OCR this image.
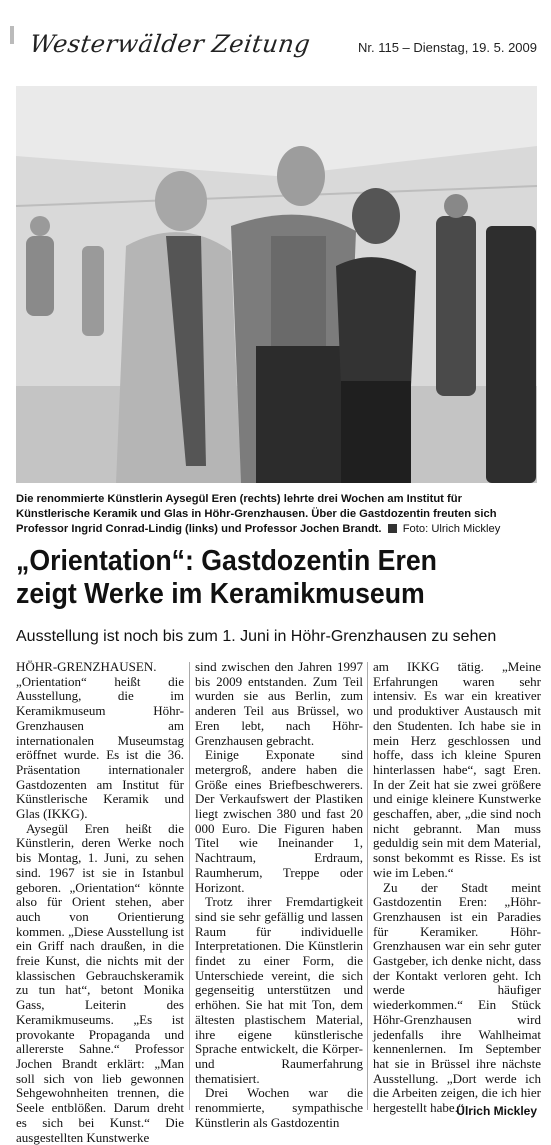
Westerwälder Zeitung	Nr. 115 – Dienstag, 19. 5. 2009
Die renommierte Künstlerin Aysegül Eren (rechts) lehrte drei Wochen am Institut für Künstlerische Keramik und Glas in Höhr-Grenzhausen. Über die Gastdozentin freuten sich Professor Ingrid Conrad-Lindig (links) und Professor Jochen Brandt. Foto: Ulrich Mickley
„Orientation“: Gastdozentin Eren zeigt Werke im Keramikmuseum
Ausstellung ist noch bis zum 1. Juni in Höhr-Grenzhausen zu sehen

HÖHR-GRENZHAUSEN.

„Orientation“ heißt die Ausstellung, die im Keramikmuseum Höhr-Grenzhausen am internationalen Museumstag eröffnet wurde. Es ist die 36. Präsentation internationaler Gastdozenten am Institut für Künstlerische Keramik und Glas (IKKG).

Aysegül Eren heißt die Künstlerin, deren Werke noch bis Montag, 1. Juni, zu sehen sind. 1967 ist sie in Istanbul geboren. „Orientation“ könnte also für Orient stehen, aber auch von Orientierung kommen. „Diese Ausstellung ist ein Griff nach draußen, in die freie Kunst, die nichts mit der klassischen Gebrauchskeramik zu tun hat“, betont Monika Gass, Leiterin des Keramikmuseums. „Es ist provokante Propaganda und allererste Sahne.“ Professor Jochen Brandt erklärt: „Man soll sich von lieb gewonnen Sehgewohnheiten trennen, die Seele entblößen. Darum dreht es sich bei Kunst.“ Die ausgestellten Kunstwerke

sind zwischen den Jahren 1997 bis 2009 entstanden. Zum Teil wurden sie aus Berlin, zum anderen Teil aus Brüssel, wo Eren lebt, nach Höhr-Grenzhausen gebracht.

Einige Exponate sind metergroß, andere haben die Größe eines Briefbeschwerers. Der Verkaufswert der Plastiken liegt zwischen 380 und fast 20 000 Euro. Die Figuren haben Titel wie Ineinander 1, Nachtraum, Erdraum, Raumherum, Treppe oder Horizont.

Trotz ihrer Fremdartigkeit sind sie sehr gefällig und lassen Raum für individuelle Interpretationen. Die Künstlerin findet zu einer Form, die Unterschiede vereint, die sich gegenseitig unterstützen und erhöhen. Sie hat mit Ton, dem ältesten plastischem Material, ihre eigene künstlerische Sprache entwickelt, die Körper- und Raumerfahrung thematisiert.

Drei Wochen war die renommierte, sympathische Künstlerin als Gastdozentin

am IKKG tätig. „Meine Erfahrungen waren sehr intensiv. Es war ein kreativer und produktiver Austausch mit den Studenten. Ich habe sie in mein Herz geschlossen und hoffe, dass ich kleine Spuren hinterlassen habe“, sagt Eren. In der Zeit hat sie zwei größere und einige kleinere Kunstwerke geschaffen, aber, „die sind noch nicht gebrannt. Man muss geduldig sein mit dem Material, sonst bekommt es Risse. Es ist wie im Leben.“

Zu der Stadt meint Gastdozentin Eren: „Höhr-Grenzhausen ist ein Paradies für Keramiker. Höhr-Grenzhausen war ein sehr guter Gastgeber, ich denke nicht, dass der Kontakt verloren geht. Ich werde häufiger wiederkommen.“ Ein Stück Höhr-Grenzhausen wird jedenfalls ihre Wahlheimat kennenlernen. Im September hat sie in Brüssel ihre nächste Ausstellung. „Dort werde ich die Arbeiten zeigen, die ich hier hergestellt habe.“

Ulrich Mickley
